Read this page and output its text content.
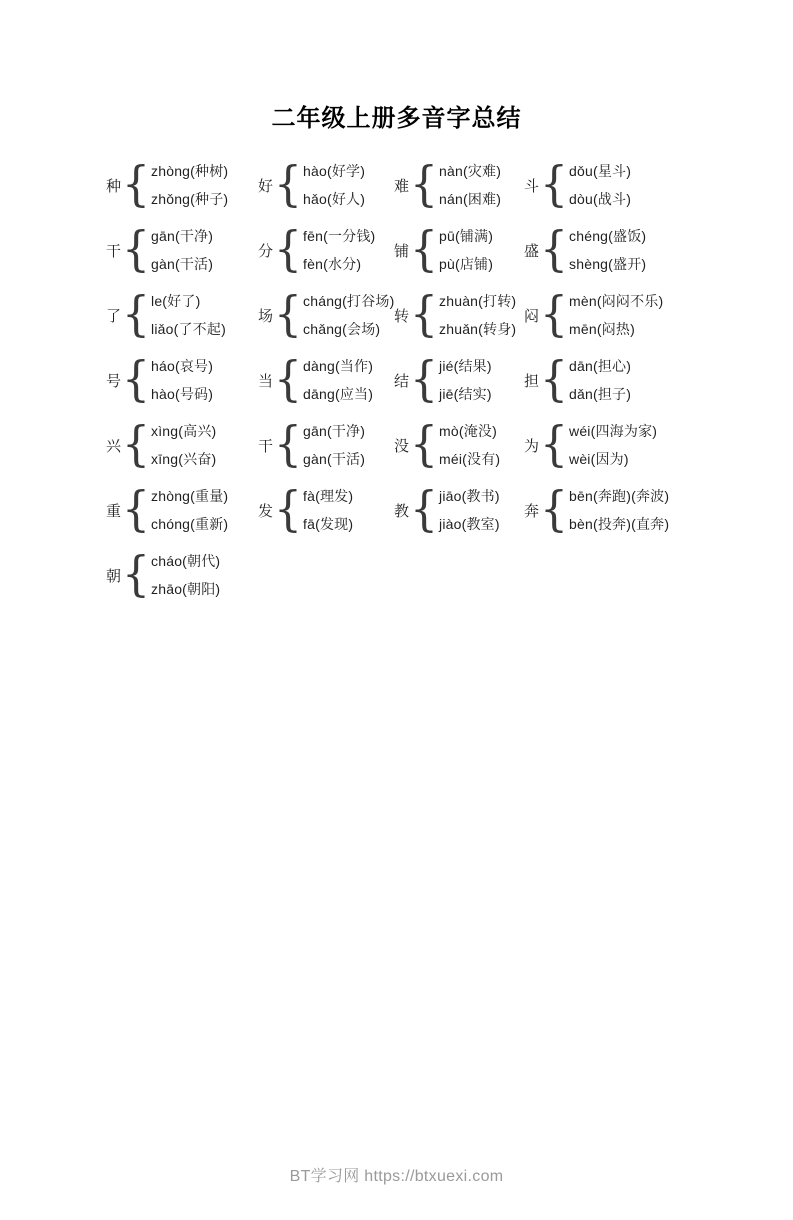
二年级上册多音字总结
种 { zhòng(种树)
zhǒng(种子)
好 { hào(好学)
hǎo(好人)
难 { nàn(灾难)
nán(困难)
斗 { dǒu(星斗)
dòu(战斗)
干 { gān(干净)
gàn(干活)
分 { fēn(一分钱)
fèn(水分)
铺 { pū(铺满)
pù(店铺)
盛 { chéng(盛饭)
shèng(盛开)
了 { le(好了)
liǎo(了不起)
场 { cháng(打谷场)
chǎng(会场)
转 { zhuàn(打转)
zhuǎn(转身)
闷 { mèn(闷闷不乐)
mēn(闷热)
号 { háo(哀号)
hào(号码)
当 { dàng(当作)
dāng(应当)
结 { jié(结果)
jiē(结实)
担 { dān(担心)
dǎn(担子)
兴 { xìng(高兴)
xīng(兴奋)
干 { gān(干净)
gàn(干活)
没 { mò(淹没)
méi(没有)
为 { wéi(四海为家)
wèi(因为)
重 { zhòng(重量)
chóng(重新)
发 { fà(理发)
fā(发现)
教 { jiāo(教书)
jiào(教室)
奔 { bēn(奔跑)(奔波)
bèn(投奔)(直奔)
朝 { cháo(朝代)
zhāo(朝阳)
BT学习网 https://btxuexi.com
